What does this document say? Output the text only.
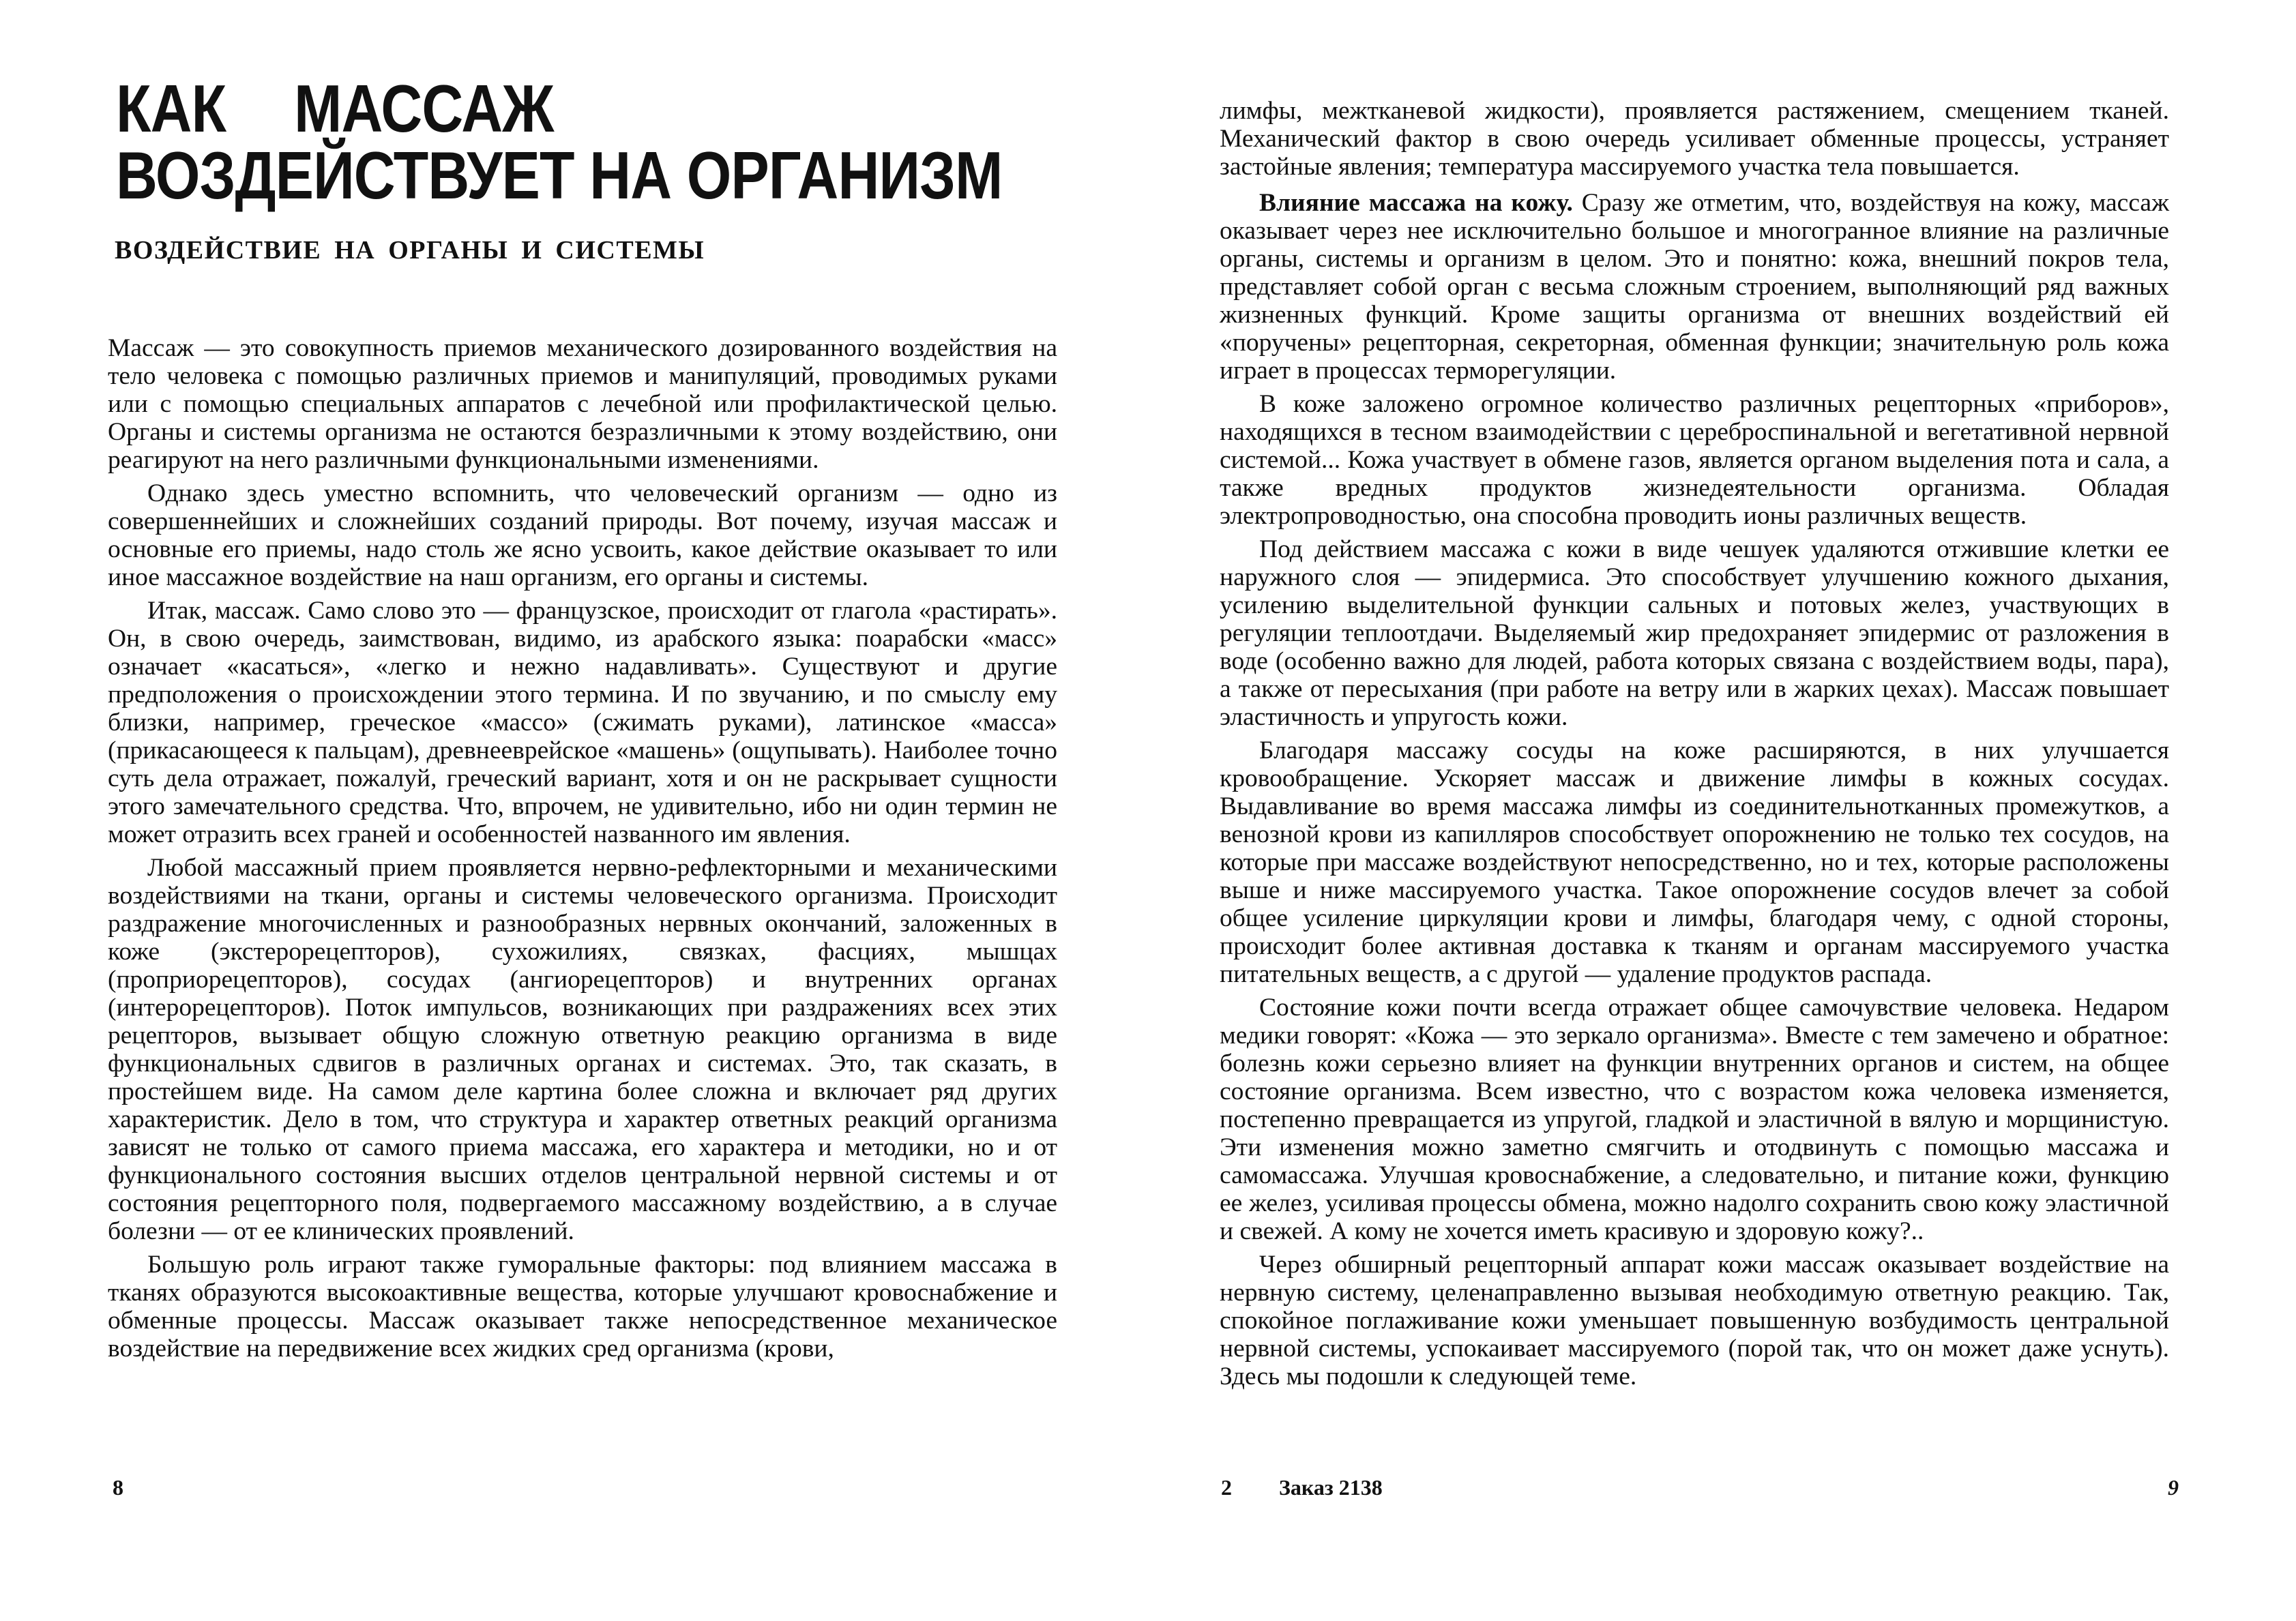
КАК МАССАЖ
ВОЗДЕЙСТВУЕТ НА ОРГАНИЗМ
ВОЗДЕЙСТВИЕ НА ОРГАНЫ И СИСТЕМЫ

Массаж — это совокупность приемов механического дозированного воздействия на тело человека с помощью различных приемов и манипуляций, проводимых руками или с помощью специальных аппаратов с лечебной или профилактической целью. Органы и системы организма не остаются безразличными к этому воздействию, они реагируют на него различными функциональными изменениями.

Однако здесь уместно вспомнить, что человеческий организм — одно из совершеннейших и сложнейших созданий природы. Вот почему, изучая массаж и основные его приемы, надо столь же ясно усвоить, какое действие оказывает то или иное массажное воздействие на наш организм, его органы и системы.

Итак, массаж. Само слово это — французское, происходит от глагола «растирать». Он, в свою очередь, заимствован, видимо, из арабского языка: поарабски «масс» означает «касаться», «легко и нежно надавливать». Существуют и другие предположения о происхождении этого термина. И по звучанию, и по смыслу ему близки, например, греческое «массо» (сжимать руками), латинское «масса» (прикасающееся к пальцам), древнееврейское «машень» (ощупывать). Наиболее точно суть дела отражает, пожалуй, греческий вариант, хотя и он не раскрывает сущности этого замечательного средства. Что, впрочем, не удивительно, ибо ни один термин не может отразить всех граней и особенностей названного им явления.

Любой массажный прием проявляется нервно-рефлекторными и механическими воздействиями на ткани, органы и системы человеческого организма. Происходит раздражение многочисленных и разнообразных нервных окончаний, заложенных в коже (экстерорецепторов), сухожилиях, связках, фасциях, мышцах (проприорецепторов), сосудах (ангиорецепторов) и внутренних органах (интерорецепторов). Поток импульсов, возникающих при раздражениях всех этих рецепторов, вызывает общую сложную ответную реакцию организма в виде функциональных сдвигов в различных органах и системах. Это, так сказать, в простейшем виде. На самом деле картина более сложна и включает ряд других характеристик. Дело в том, что структура и характер ответных реакций организма зависят не только от самого приема массажа, его характера и методики, но и от функционального состояния высших отделов центральной нервной системы и от состояния рецепторного поля, подвергаемого массажному воздействию, а в случае болезни — от ее клинических проявлений.

Большую роль играют также гуморальные факторы: под влиянием массажа в тканях образуются высокоактивные вещества, которые улучшают кровоснабжение и обменные процессы. Массаж оказывает также непосредственное механическое воздействие на передвижение всех жидких сред организма (крови,

8

лимфы, межтканевой жидкости), проявляется растяжением, смещением тканей. Механический фактор в свою очередь усиливает обменные процессы, устраняет застойные явления; температура массируемого участка тела повышается.

Влияние массажа на кожу. Сразу же отметим, что, воздействуя на кожу, массаж оказывает через нее исключительно большое и многогранное влияние на различные органы, системы и организм в целом. Это и понятно: кожа, внешний покров тела, представляет собой орган с весьма сложным строением, выполняющий ряд важных жизненных функций. Кроме защиты организма от внешних воздействий ей «поручены» рецепторная, секреторная, обменная функции; значительную роль кожа играет в процессах терморегуляции.

В коже заложено огромное количество различных рецепторных «приборов», находящихся в тесном взаимодействии с цереброспинальной и вегетативной нервной системой... Кожа участвует в обмене газов, является органом выделения пота и сала, а также вредных продуктов жизнедеятельности организма. Обладая электропроводностью, она способна проводить ионы различных веществ.

Под действием массажа с кожи в виде чешуек удаляются отжившие клетки ее наружного слоя — эпидермиса. Это способствует улучшению кожного дыхания, усилению выделительной функции сальных и потовых желез, участвующих в регуляции теплоотдачи. Выделяемый жир предохраняет эпидермис от разложения в воде (особенно важно для людей, работа которых связана с воздействием воды, пара), а также от пересыхания (при работе на ветру или в жарких цехах). Массаж повышает эластичность и упругость кожи.

Благодаря массажу сосуды на коже расширяются, в них улучшается кровообращение. Ускоряет массаж и движение лимфы в кожных сосудах. Выдавливание во время массажа лимфы из соединительнотканных промежутков, а венозной крови из капилляров способствует опорожнению не только тех сосудов, на которые при массаже воздействуют непосредственно, но и тех, которые расположены выше и ниже массируемого участка. Такое опорожнение сосудов влечет за собой общее усиление циркуляции крови и лимфы, благодаря чему, с одной стороны, происходит более активная доставка к тканям и органам массируемого участка питательных веществ, а с другой — удаление продуктов распада.

Состояние кожи почти всегда отражает общее самочувствие человека. Недаром медики говорят: «Кожа — это зеркало организма». Вместе с тем замечено и обратное: болезнь кожи серьезно влияет на функции внутренних органов и систем, на общее состояние организма. Всем известно, что с возрастом кожа человека изменяется, постепенно превращается из упругой, гладкой и эластичной в вялую и морщинистую. Эти изменения можно заметно смягчить и отодвинуть с помощью массажа и самомассажа. Улучшая кровоснабжение, а следовательно, и питание кожи, функцию ее желез, усиливая процессы обмена, можно надолго сохранить свою кожу эластичной и свежей. А кому не хочется иметь красивую и здоровую кожу?..

Через обширный рецепторный аппарат кожи массаж оказывает воздействие на нервную систему, целенаправленно вызывая необходимую ответную реакцию. Так, спокойное поглаживание кожи уменьшает повышенную возбудимость центральной нервной системы, успокаивает массируемого (порой так, что он может даже уснуть). Здесь мы подошли к следующей теме.

2 Заказ 2138	9
